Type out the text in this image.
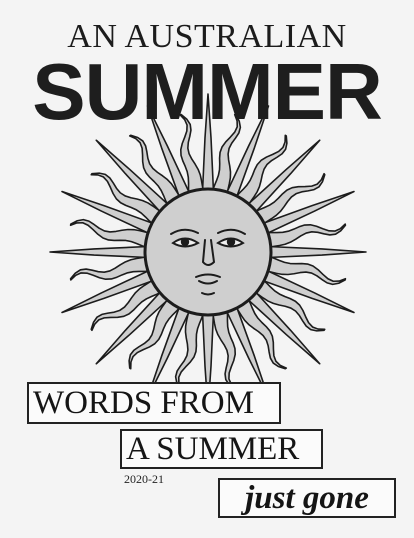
AN AUSTRALIAN
SUMMER
WORDS FROM
A SUMMER
2020-21
just gone
